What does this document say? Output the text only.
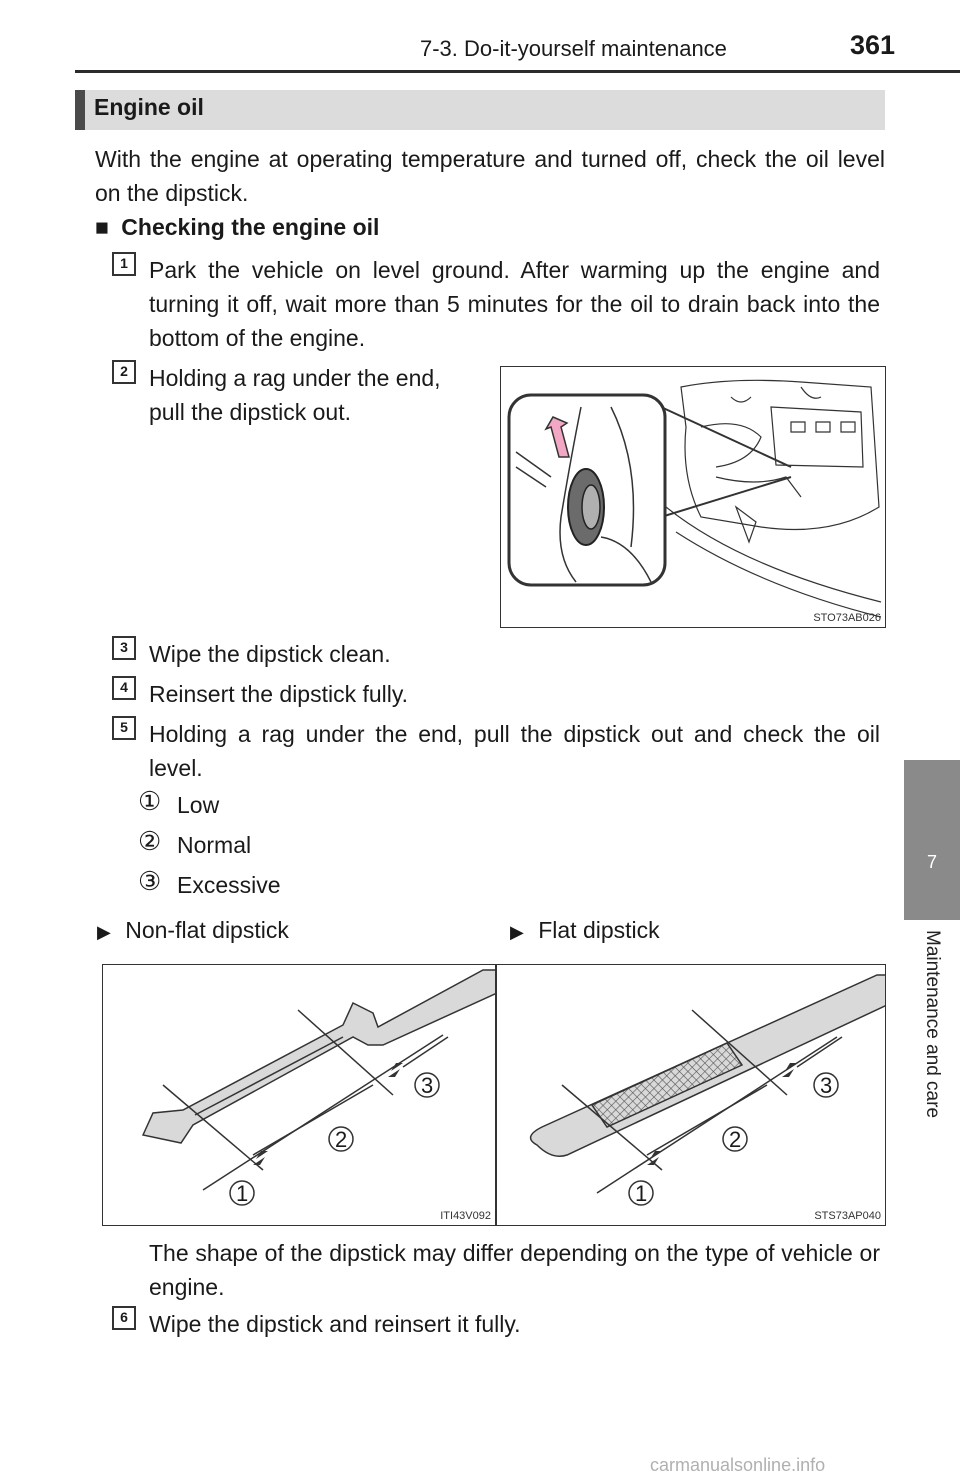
7-3. Do-it-yourself maintenance	361
7
Maintenance and care
Engine oil
With the engine at operating temperature and turned off, check the oil level on the dipstick.
■ Checking the engine oil
1 Park the vehicle on level ground. After warming up the engine and turning it off, wait more than 5 minutes for the oil to drain back into the bottom of the engine.
2 Holding a rag under the end, pull the dipstick out.
STO73AB026
3 Wipe the dipstick clean.
4 Reinsert the dipstick fully.
5 Holding a rag under the end, pull the dipstick out and check the oil level.
① Low
② Normal
③ Excessive
▶ Non-flat dipstick	▶ Flat dipstick
1
2
3
ITI43V092
1
2
3
STS73AP040
The shape of the dipstick may differ depending on the type of vehicle or engine.
6 Wipe the dipstick and reinsert it fully.
carmanualsonline.info
